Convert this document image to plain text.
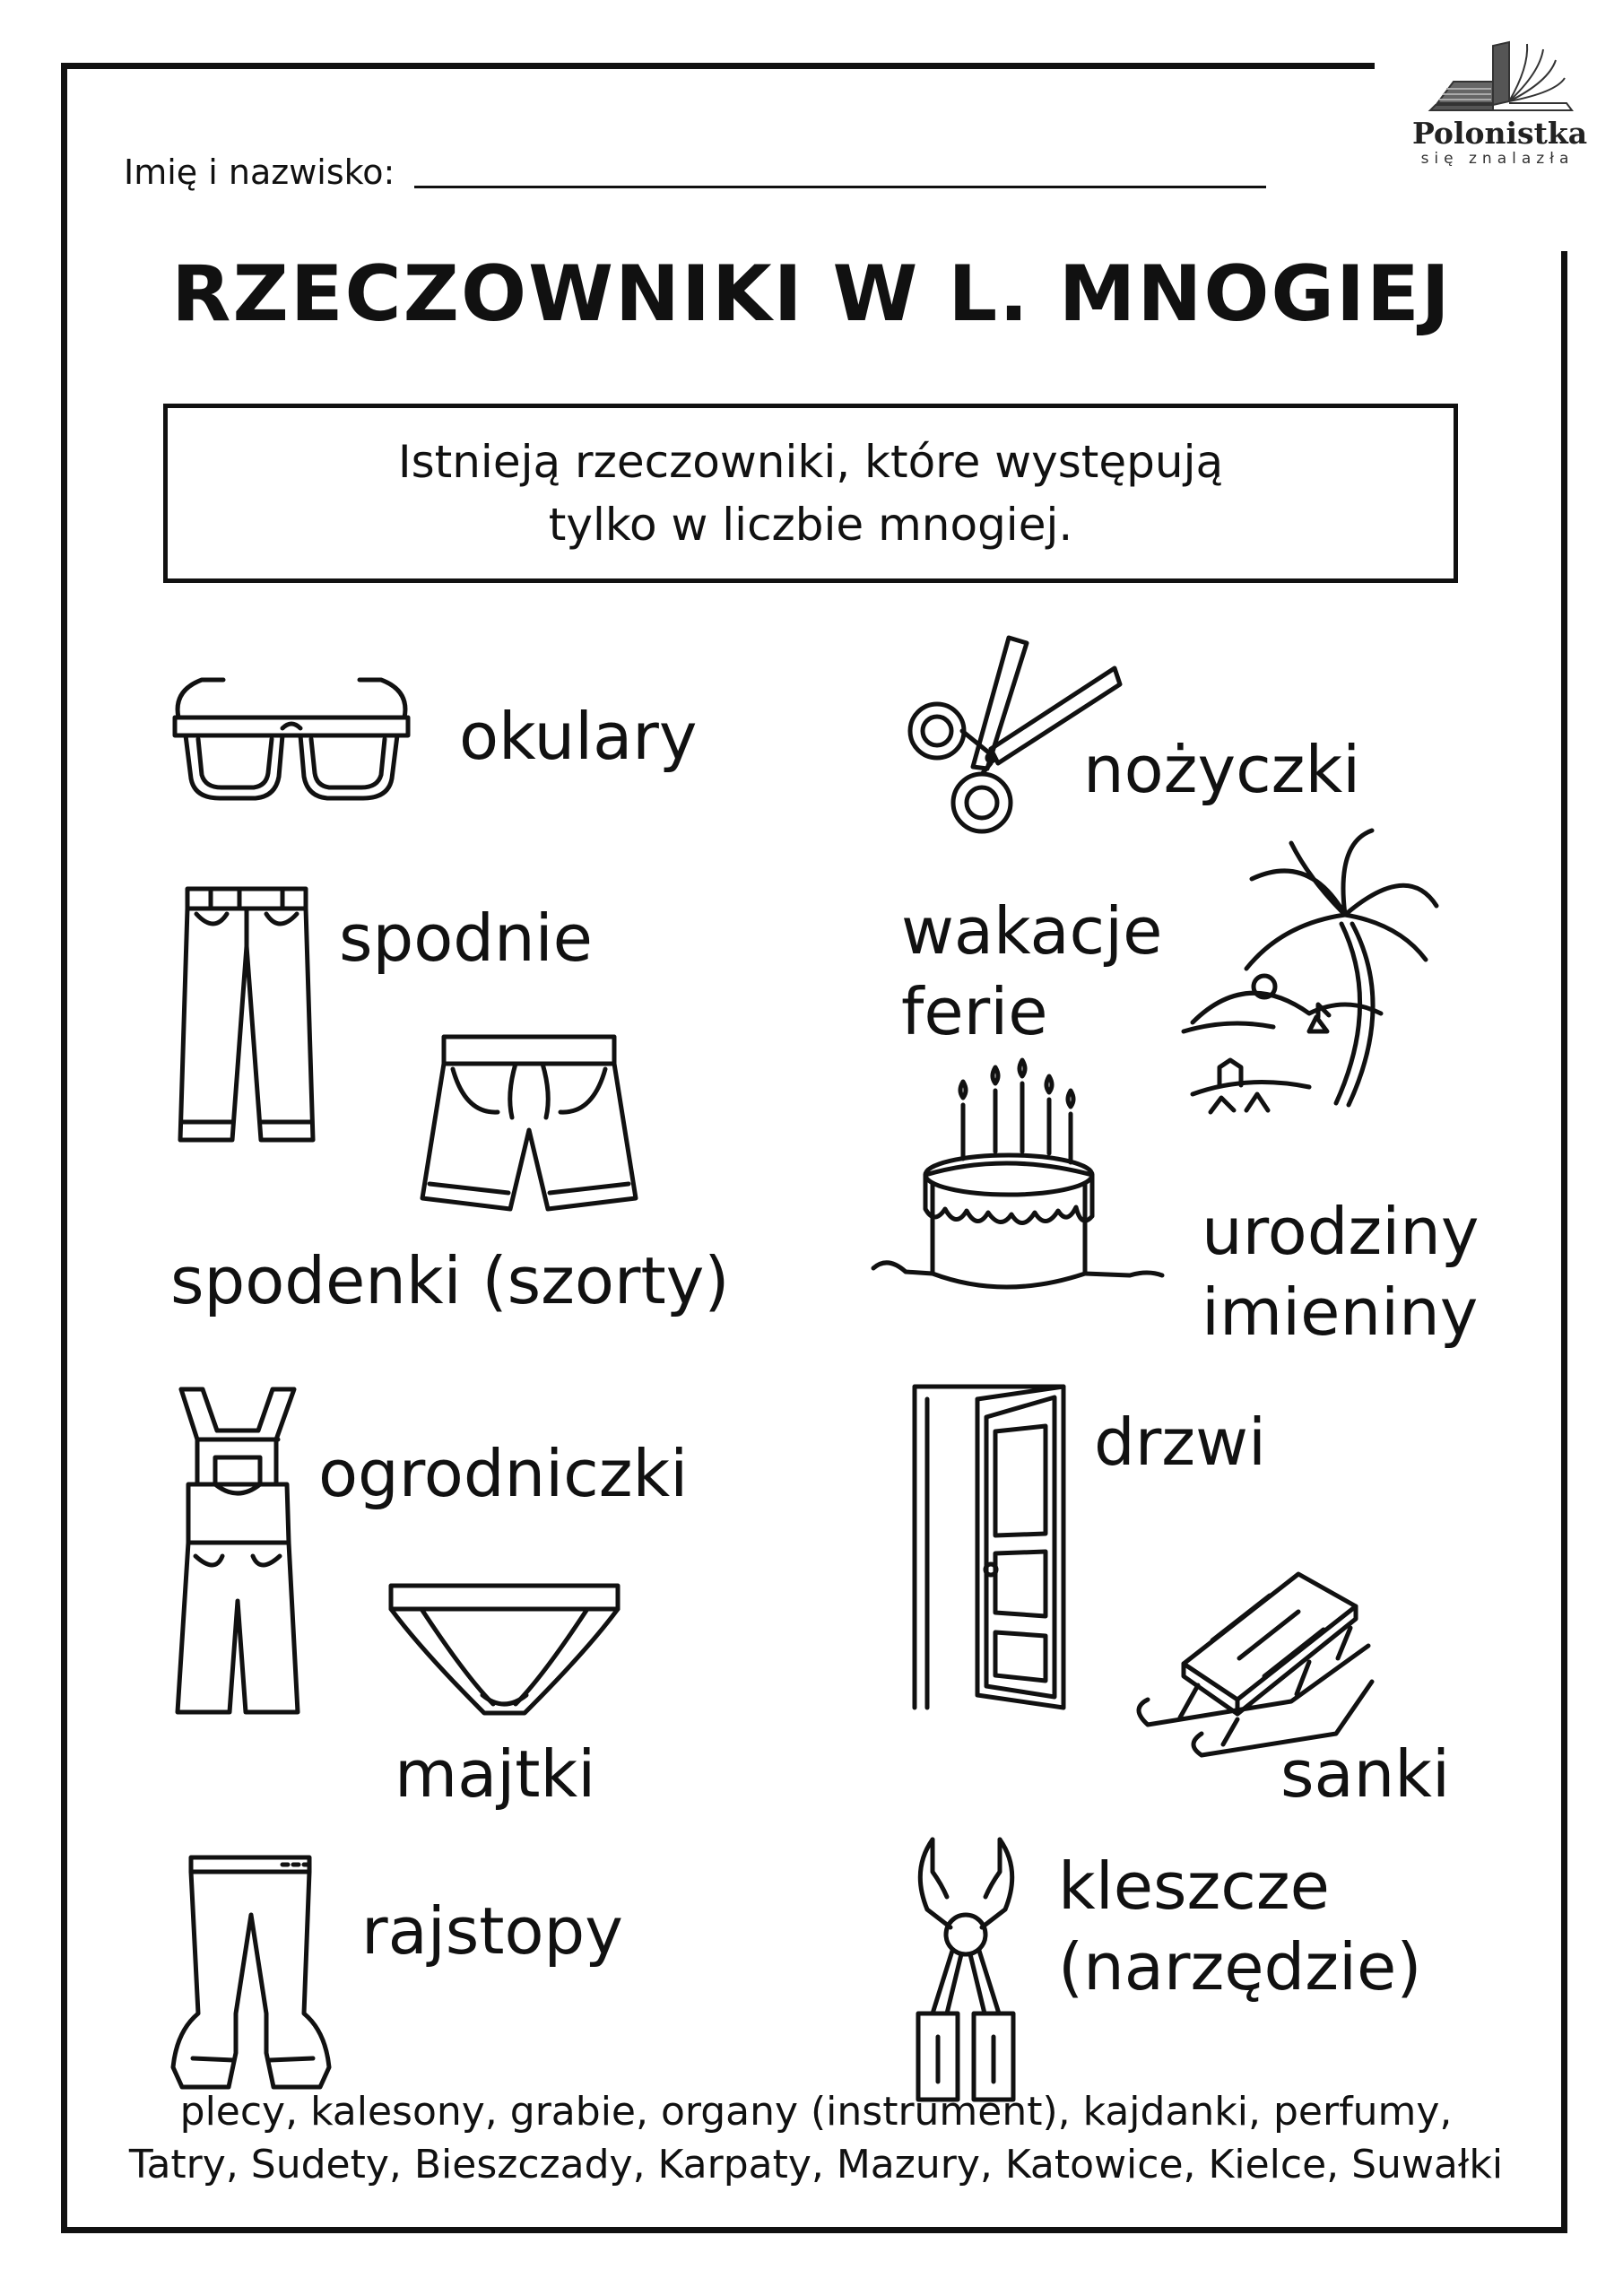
Polonistka
się znalazła
Imię i nazwisko:
RZECZOWNIKI W L. MNOGIEJ
Istnieją rzeczowniki, które występują
tylko w liczbie mnogiej.
okulary
spodnie
spodenki (szorty)
ogrodniczki
majtki
rajstopy
nożyczki
wakacje
ferie
urodziny
imieniny
drzwi
sanki
kleszcze
(narzędzie)
plecy, kalesony, grabie, organy (instrument), kajdanki, perfumy,
Tatry, Sudety, Bieszczady, Karpaty, Mazury, Katowice, Kielce, Suwałki
